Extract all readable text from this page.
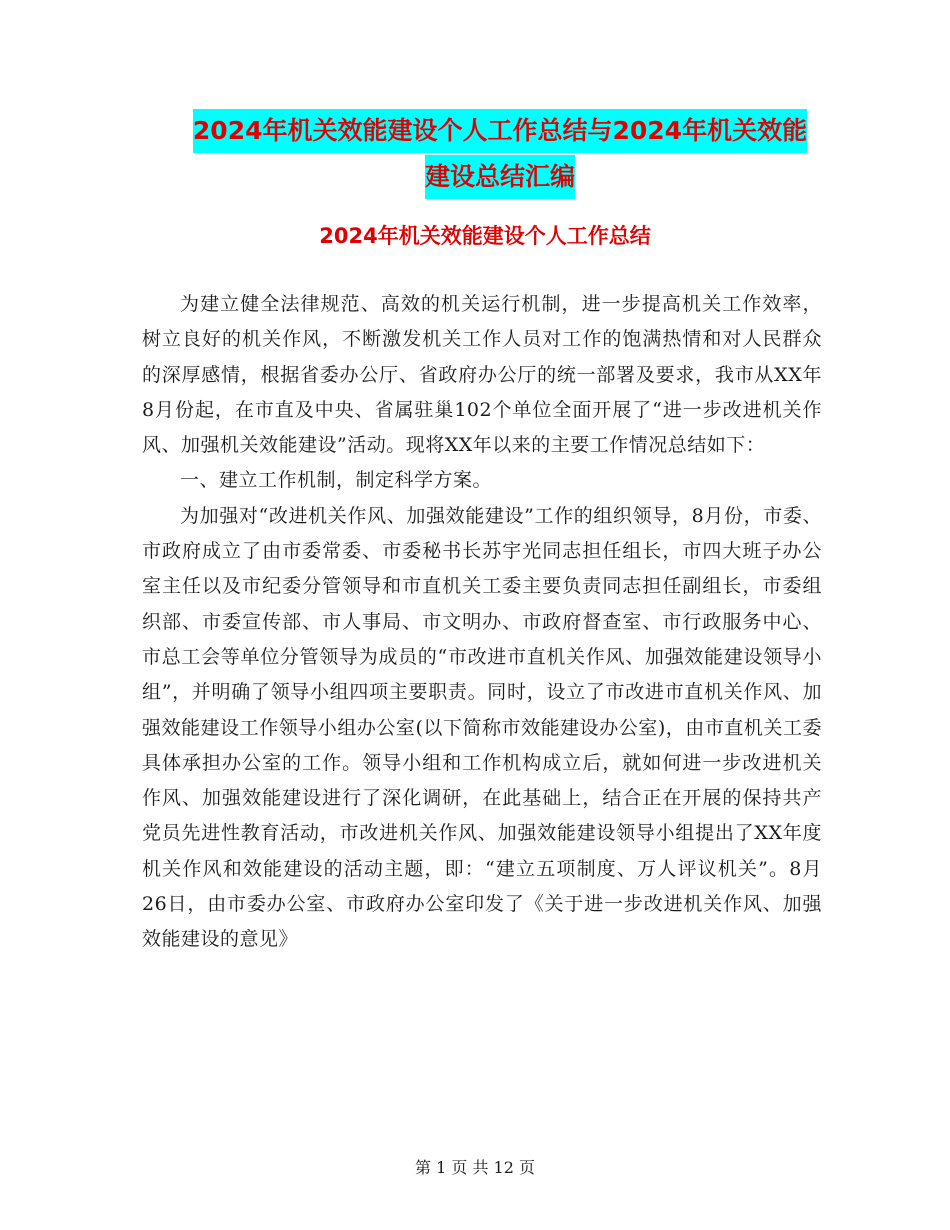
2024年机关效能建设个人工作总结与2024年机关效能
建设总结汇编
2024年机关效能建设个人工作总结

为建立健全法律规范、高效的机关运行机制，进一步提高机关工作效率，树立良好的机关作风，不断激发机关工作人员对工作的饱满热情和对人民群众的深厚感情，根据省委办公厅、省政府办公厅的统一部署及要求，我市从XX年8月份起，在市直及中央、省属驻巢102个单位全面开展了“进一步改进机关作风、加强机关效能建设”活动。现将XX年以来的主要工作情况总结如下：

一、建立工作机制，制定科学方案。

为加强对“改进机关作风、加强效能建设”工作的组织领导，8月份，市委、市政府成立了由市委常委、市委秘书长苏宇光同志担任组长，市四大班子办公室主任以及市纪委分管领导和市直机关工委主要负责同志担任副组长，市委组织部、市委宣传部、市人事局、市文明办、市政府督查室、市行政服务中心、市总工会等单位分管领导为成员的“市改进市直机关作风、加强效能建设领导小组”，并明确了领导小组四项主要职责。同时，设立了市改进市直机关作风、加强效能建设工作领导小组办公室(以下简称市效能建设办公室)，由市直机关工委具体承担办公室的工作。领导小组和工作机构成立后，就如何进一步改进机关作风、加强效能建设进行了深化调研，在此基础上，结合正在开展的保持共产党员先进性教育活动，市改进机关作风、加强效能建设领导小组提出了XX年度机关作风和效能建设的活动主题，即：“建立五项制度、万人评议机关”。8月26日，由市委办公室、市政府办公室印发了《关于进一步改进机关作风、加强效能建设的意见》

第 1 页 共 12 页
